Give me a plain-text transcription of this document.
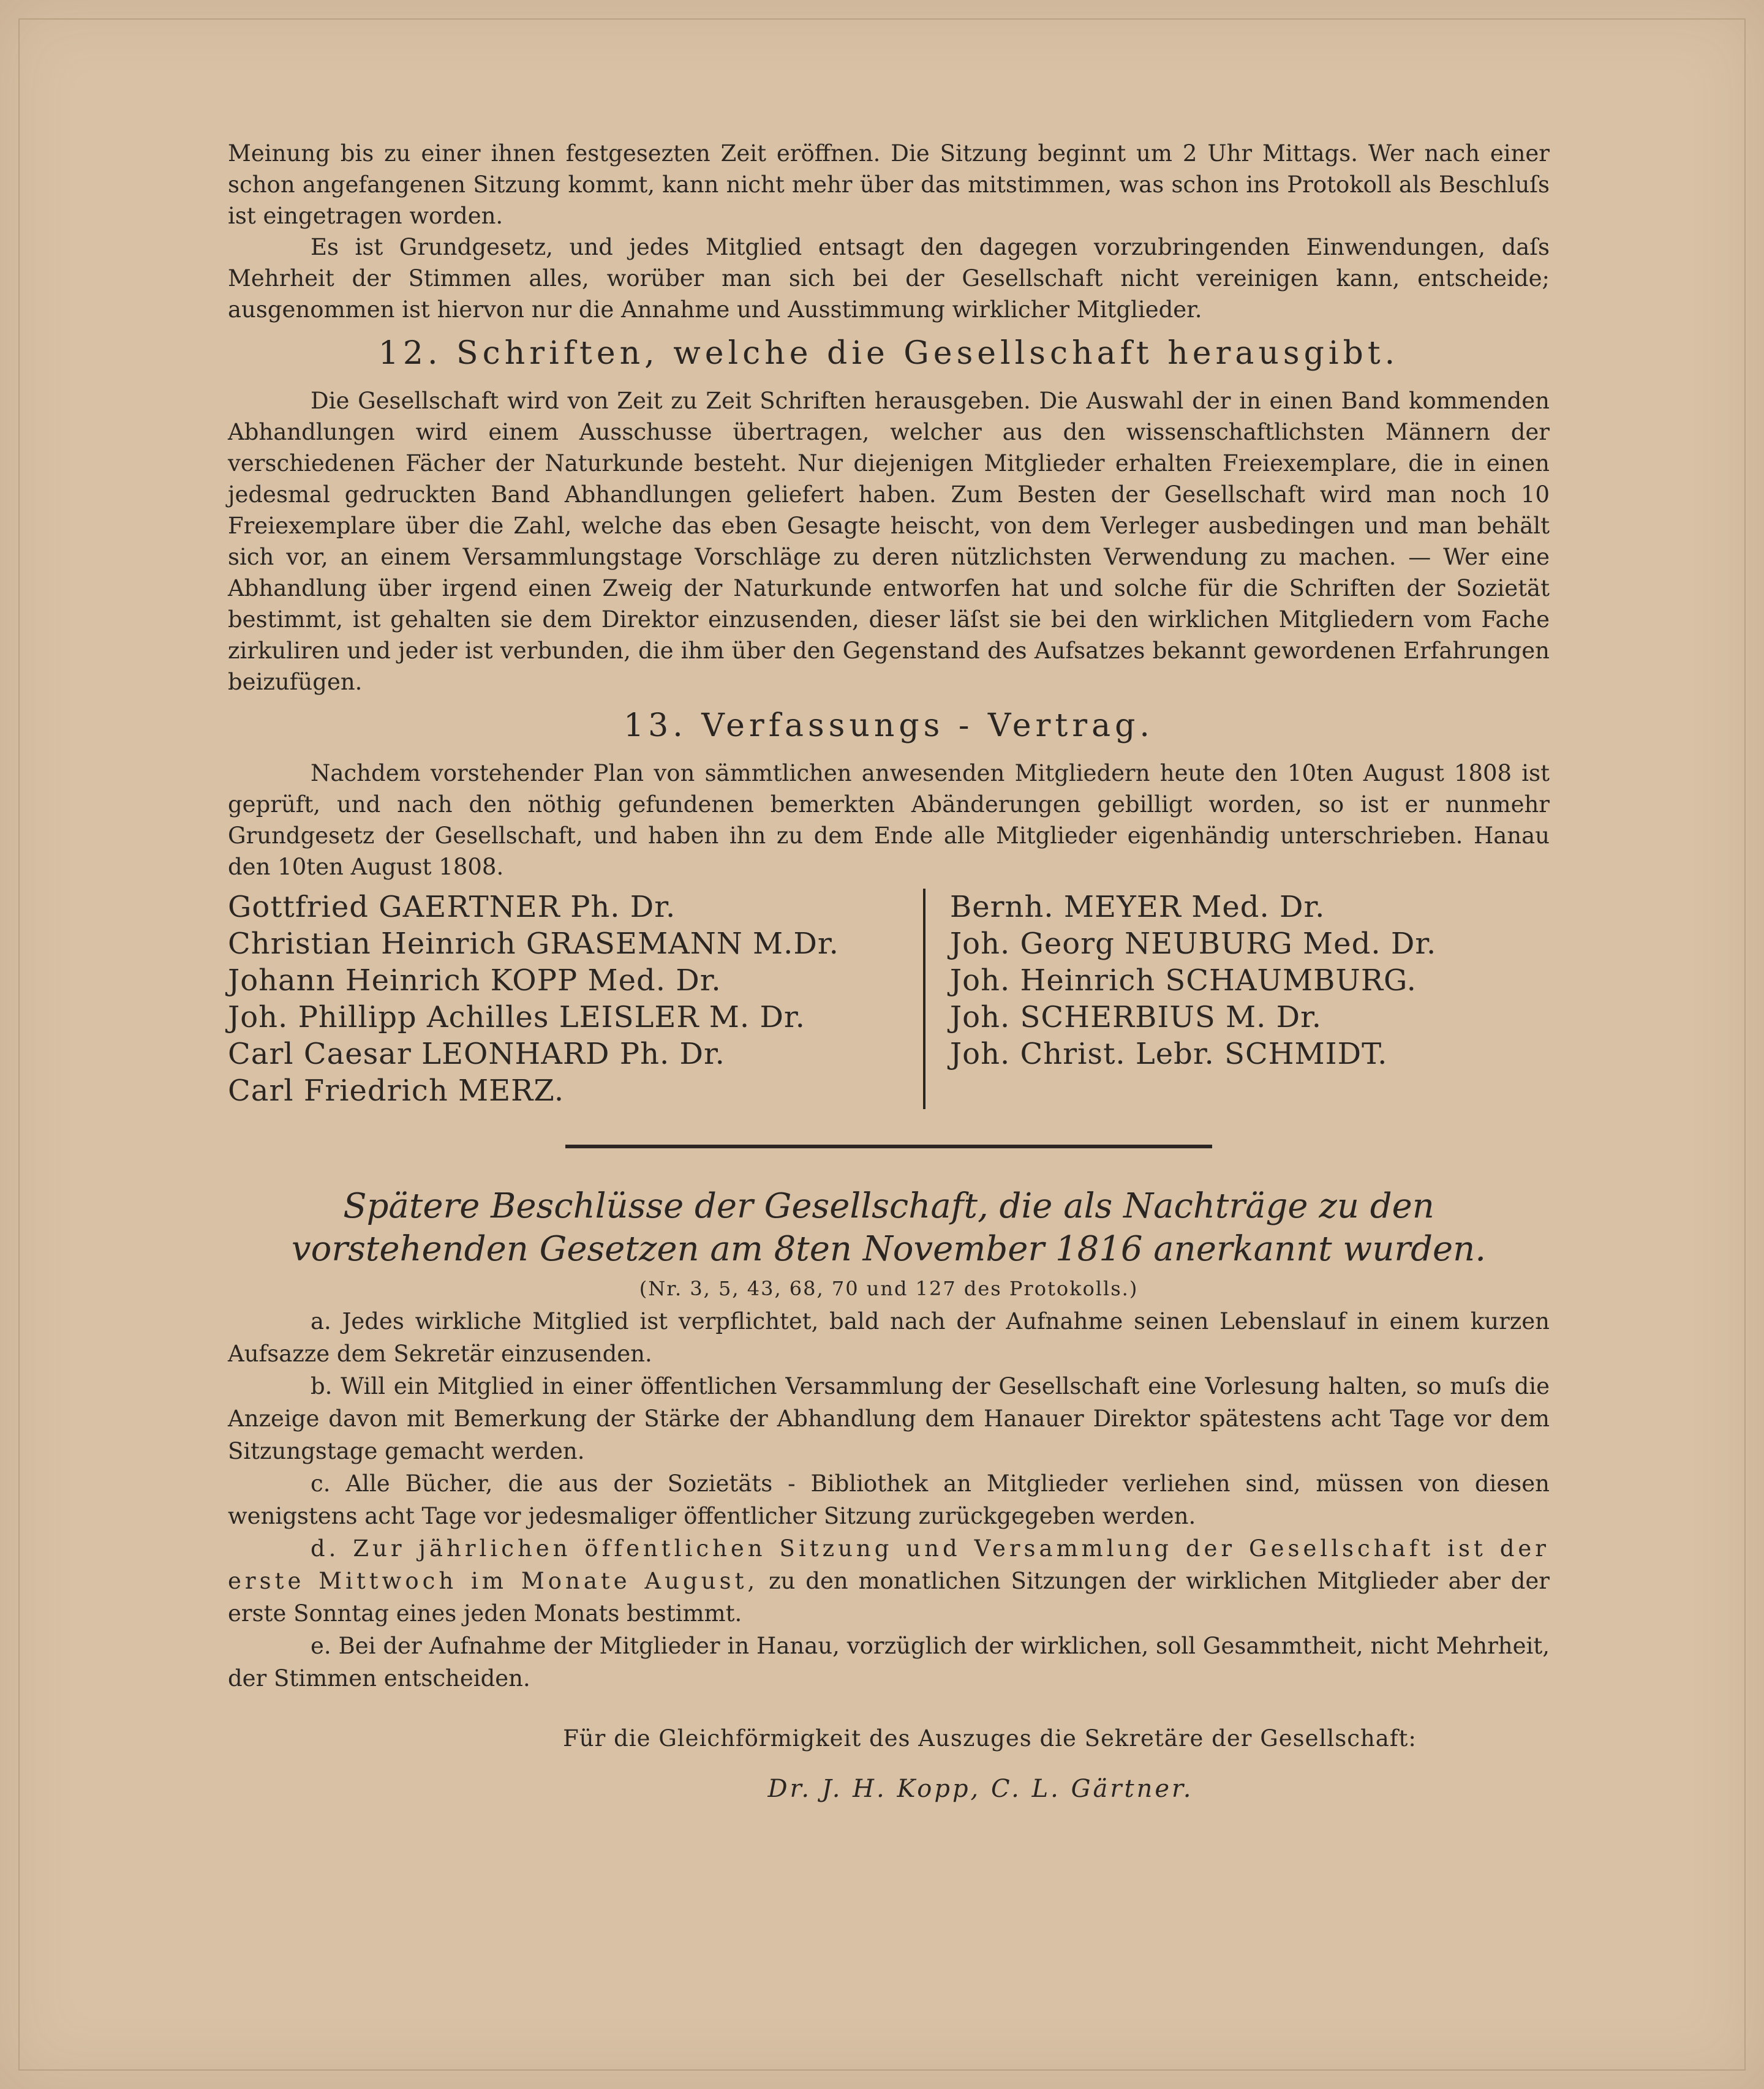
Meinung bis zu einer ihnen festgesezten Zeit eröffnen. Die Sitzung beginnt um 2 Uhr Mittags. Wer nach einer schon angefangenen Sitzung kommt, kann nicht mehr über das mitstimmen, was schon ins Protokoll als Beschluſs ist eingetragen worden.

Es ist Grundgesetz, und jedes Mitglied entsagt den dagegen vorzubringenden Einwendungen, daſs Mehrheit der Stimmen alles, worüber man sich bei der Gesellschaft nicht vereinigen kann, entscheide; ausgenommen ist hiervon nur die Annahme und Ausstimmung wirklicher Mitglieder.

12. Schriften, welche die Gesellschaft herausgibt.

Die Gesellschaft wird von Zeit zu Zeit Schriften herausgeben. Die Auswahl der in einen Band kommenden Abhandlungen wird einem Ausschusse übertragen, welcher aus den wissenschaftlichsten Männern der verschiedenen Fächer der Naturkunde besteht. Nur diejenigen Mitglieder erhalten Freiexemplare, die in einen jedesmal gedruckten Band Abhandlungen geliefert haben. Zum Besten der Gesellschaft wird man noch 10 Freiexemplare über die Zahl, welche das eben Gesagte heischt, von dem Verleger ausbedingen und man behält sich vor, an einem Versammlungstage Vorschläge zu deren nützlichsten Verwendung zu machen. — Wer eine Abhandlung über irgend einen Zweig der Naturkunde entworfen hat und solche für die Schriften der Sozietät bestimmt, ist gehalten sie dem Direktor einzusenden, dieser läſst sie bei den wirklichen Mitgliedern vom Fache zirkuliren und jeder ist verbunden, die ihm über den Gegenstand des Aufsatzes bekannt gewordenen Erfahrungen beizufügen.

13. Verfassungs - Vertrag.

Nachdem vorstehender Plan von sämmtlichen anwesenden Mitgliedern heute den 10ten August 1808 ist geprüft, und nach den nöthig gefundenen bemerkten Abänderungen gebilligt worden, so ist er nunmehr Grundgesetz der Gesellschaft, und haben ihn zu dem Ende alle Mitglieder eigenhändig unterschrieben. Hanau den 10ten August 1808.

Gottfried GAERTNER Ph. Dr.
Christian Heinrich GRASEMANN M.Dr.
Johann Heinrich KOPP Med. Dr.
Joh. Phillipp Achilles LEISLER M. Dr.
Carl Caesar LEONHARD Ph. Dr.
Carl Friedrich MERZ.
Bernh. MEYER Med. Dr.
Joh. Georg NEUBURG Med. Dr.
Joh. Heinrich SCHAUMBURG.
Joh. SCHERBIUS M. Dr.
Joh. Christ. Lebr. SCHMIDT.
Spätere Beschlüsse der Gesellschaft, die als Nachträge zu den vorstehenden Gesetzen am 8ten November 1816 anerkannt wurden.
(Nr. 3, 5, 43, 68, 70 und 127 des Protokolls.)

a. Jedes wirkliche Mitglied ist verpflichtet, bald nach der Aufnahme seinen Lebenslauf in einem kurzen Aufsazze dem Sekretär einzusenden.

b. Will ein Mitglied in einer öffentlichen Versammlung der Gesellschaft eine Vorlesung halten, so muſs die Anzeige davon mit Bemerkung der Stärke der Abhandlung dem Hanauer Direktor spätestens acht Tage vor dem Sitzungstage gemacht werden.

c. Alle Bücher, die aus der Sozietäts - Bibliothek an Mitglieder verliehen sind, müssen von diesen wenigstens acht Tage vor jedesmaliger öffentlicher Sitzung zurückgegeben werden.

d. Zur jährlichen öffentlichen Sitzung und Versammlung der Gesellschaft ist der erste Mittwoch im Monate August, zu den monatlichen Sitzungen der wirklichen Mitglieder aber der erste Sonntag eines jeden Monats bestimmt.

e. Bei der Aufnahme der Mitglieder in Hanau, vorzüglich der wirklichen, soll Gesammtheit, nicht Mehrheit, der Stimmen entscheiden.

Für die Gleichförmigkeit des Auszuges die Sekretäre der Gesellschaft:
Dr. J. H. Kopp, C. L. Gärtner.
